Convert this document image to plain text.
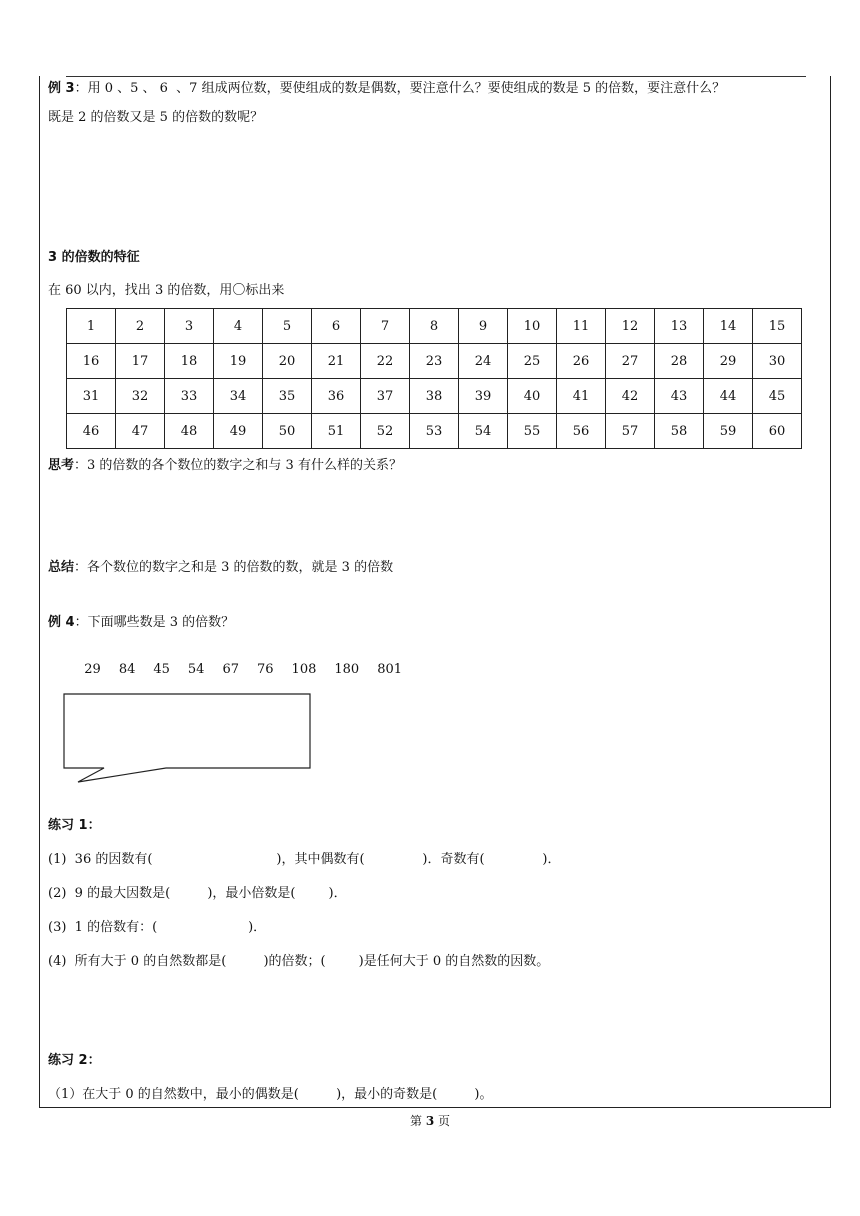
例 3：用 0 、5 、 6  、7 组成两位数，要使组成的数是偶数，要注意什么？要使组成的数是 5 的倍数，要注意什么？
既是 2 的倍数又是 5 的倍数的数呢？
3 的倍数的特征
在 60 以内，找出 3 的倍数，用〇标出来
1	2	3	4	5	6	7	8	9	10	11	12	13	14	15
16	17	18	19	20	21	22	23	24	25	26	27	28	29	30
31	32	33	34	35	36	37	38	39	40	41	42	43	44	45
46	47	48	49	50	51	52	53	54	55	56	57	58	59	60
思考：3 的倍数的各个数位的数字之和与 3 有什么样的关系？
总结：各个数位的数字之和是 3 的倍数的数，就是 3 的倍数
例 4：下面哪些数是 3 的倍数？

29 84 45 54 67 76 108 180 801

练习 1：
(1)  36 的因数有(                              )，其中偶数有(              )．奇数有(              )．
(2)  9 的最大因数是(         )，最小倍数是(        )．
(3)  1 的倍数有：(                      )．
(4)  所有大于 0 的自然数都是(         )的倍数；(        )是任何大于 0 的自然数的因数。
练习 2：
（1）在大于 0 的自然数中，最小的偶数是(         )，最小的奇数是(         )。
第 3 页
